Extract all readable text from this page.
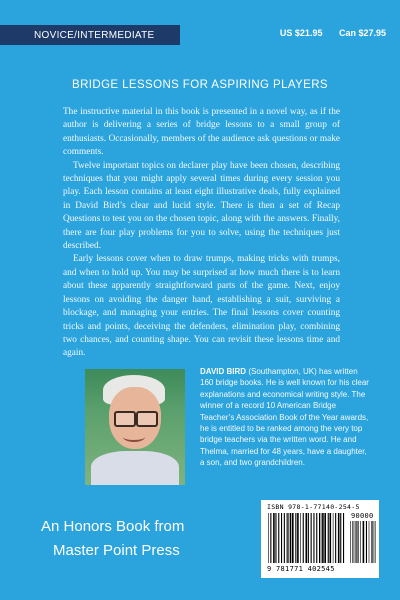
NOVICE/INTERMEDIATE	US $21.95 Can $27.95
BRIDGE LESSONS FOR ASPIRING PLAYERS

The instructive material in this book is presented in a novel way, as if the author is delivering a series of bridge lessons to a small group of enthusiasts. Occasionally, members of the audience ask questions or make comments.

Twelve important topics on declarer play have been chosen, describing techniques that you might apply several times during every session you play. Each lesson contains at least eight illustrative deals, fully explained in David Bird’s clear and lucid style. There is then a set of Recap Questions to test you on the chosen topic, along with the answers. Finally, there are four play problems for you to solve, using the techniques just described.

Early lessons cover when to draw trumps, making tricks with trumps, and when to hold up. You may be surprised at how much there is to learn about these apparently straightforward parts of the game. Next, enjoy lessons on avoiding the danger hand, establishing a suit, surviving a blockage, and managing your entries. The final lessons cover counting tricks and points, deceiving the defenders, elimination play, combining two chances, and counting shape. You can revisit these lessons time and again.

DAVID BIRD (Southampton, UK) has written 160 bridge books. He is well known for his clear explanations and economical writing style. The winner of a record 10 American Bridge Teacher’s Association Book of the Year awards, he is entitled to be ranked among the very top bridge teachers via the written word. He and Thelma, married for 48 years, have a daughter, a son, and two grandchildren.
An Honors Book from
Master Point Press
ISBN 978-1-77140-254-5
90000
9 781771 402545
